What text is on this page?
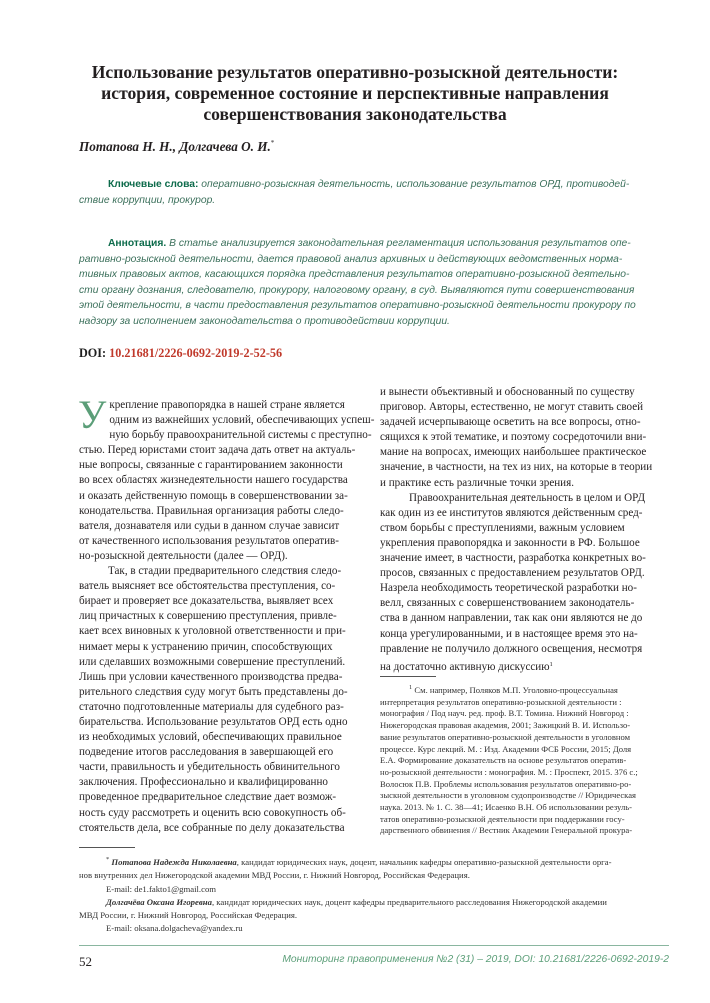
Использование результатов оперативно-розыскной деятельности:
история, современное состояние и перспективные направления
совершенствования законодательства
Потапова Н. Н., Долгачева О. И.*
Ключевые слова: оперативно-розыскная деятельность, использование результатов ОРД, противодей-
ствие коррупции, прокурор.
Аннотация. В статье анализируется законодательная регламентация использования результатов опе-
ративно-розыскной деятельности, дается правовой анализ архивных и действующих ведомственных норма-
тивных правовых актов, касающихся порядка представления результатов оперативно-розыскной деятельно-
сти органу дознания, следователю, прокурору, налоговому органу, в суд. Выявляются пути совершенствования
этой деятельности, в части предоставления результатов оперативно-розыскной деятельности прокурору по
надзору за исполнением законодательства о противодействии коррупции.
DOI: 10.21681/2226-0692-2019-2-52-56
У крепление правопорядка в нашей стране является
одним из важнейших условий, обеспечивающих успеш-
ную борьбу правоохранительной системы с преступно-
стью. Перед юристами стоит задача дать ответ на актуаль-
ные вопросы, связанные с гарантированием законности
во всех областях жизнедеятельности нашего государства
и оказать действенную помощь в совершенствовании за-
конодательства. Правильная организация работы следо-
вателя, дознавателя или судьи в данном случае зависит
от качественного использования результатов оператив-
но-розыскной деятельности (далее — ОРД).
Так, в стадии предварительного следствия следо-
ватель выясняет все обстоятельства преступления, со-
бирает и проверяет все доказательства, выявляет всех
лиц причастных к совершению преступления, привле-
кает всех виновных к уголовной ответственности и при-
нимает меры к устранению причин, способствующих
или сделавших возможными совершение преступлений.
Лишь при условии качественного производства предва-
рительного следствия суду могут быть представлены до-
статочно подготовленные материалы для судебного раз-
бирательства. Использование результатов ОРД есть одно
из необходимых условий, обеспечивающих правильное
подведение итогов расследования в завершающей его
части, правильность и убедительность обвинительного
заключения. Профессионально и квалифицированно
проведенное предварительное следствие дает возмож-
ность суду рассмотреть и оценить всю совокупность об-
стоятельств дела, все собранные по делу доказательства
и вынести объективный и обоснованный по существу
приговор. Авторы, естественно, не могут ставить своей
задачей исчерпывающе осветить на все вопросы, отно-
сящихся к этой тематике, и поэтому сосредоточили вни-
мание на вопросах, имеющих наибольшее практическое
значение, в частности, на тех из них, на которые в теории
и практике есть различные точки зрения.
Правоохранительная деятельность в целом и ОРД
как один из ее институтов являются действенным сред-
ством борьбы с преступлениями, важным условием
укрепления правопорядка и законности в РФ. Большое
значение имеет, в частности, разработка конкретных во-
просов, связанных с предоставлением результатов ОРД.
Назрела необходимость теоретической разработки но-
велл, связанных с совершенствованием законодатель-
ства в данном направлении, так как они являются не до
конца урегулированными, и в настоящее время это на-
правление не получило должного освещения, несмотря
на достаточно активную дискуссию$^1$
$^1$ См. например, Поляков М.П. Уголовно-процессуальная
интерпретация результатов оперативно-розыскной деятельности :
монография / Под науч. ред. проф. В.Т. Томина. Нижний Новгород :
Нижегородская правовая академия, 2001; Зажицкий В. И. Использо-
вание результатов оперативно-розыскной деятельности в уголовном
процессе. Курс лекций. М. : Изд. Академии ФСБ России, 2015; Доля
Е.А. Формирование доказательств на основе результатов оператив-
но-розыскной деятельности : монография. М. : Проспект, 2015. 376 с.;
Волосюк П.В. Проблемы использования результатов оперативно-ро-
зыскной деятельности в уголовном судопроизводстве // Юридическая
наука. 2013. № 1. С. 38—41; Исаенко В.Н. Об использовании резуль-
татов оперативно-розыскной деятельности при поддержании госу-
дарственного обвинения // Вестник Академии Генеральной прокура-
* Потапова Надежда Николаевна, кандидат юридических наук, доцент, начальник кафедры оперативно-разыскной деятельности орга-
нов внутренних дел Нижегородской академии МВД России, г. Нижний Новгород, Российская Федерация.
E-mail: de1.fakto1@gmail.com
Долгачёва Оксана Игоревна, кандидат юридических наук, доцент кафедры предварительного расследования Нижегородской академии
МВД России, г. Нижний Новгород, Российская Федерация.
E-mail: oksana.dolgacheva@yandex.ru
52	Мониторинг правоприменения №2 (31) – 2019, DOI: 10.21681/2226-0692-2019-2
